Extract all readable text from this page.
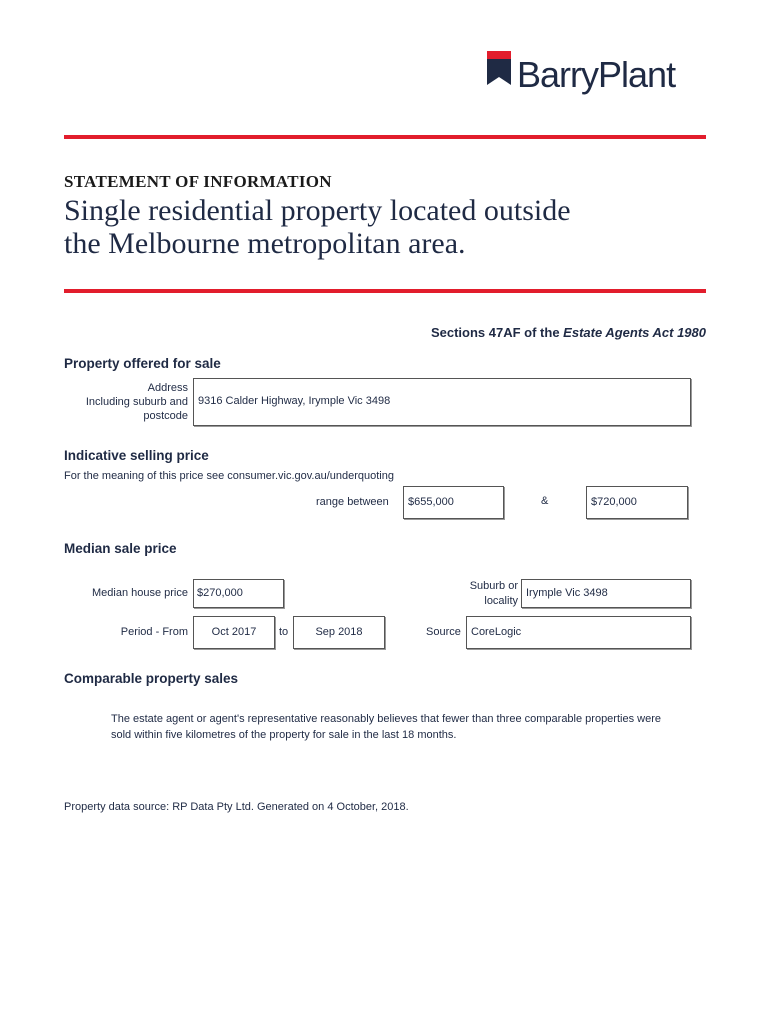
BarryPlant
STATEMENT OF INFORMATION
Single residential property located outside
the Melbourne metropolitan area.
Sections 47AF of the Estate Agents Act 1980
Property offered for sale
Address
Including suburb and
postcode
9316 Calder Highway, Irymple Vic 3498
Indicative selling price
For the meaning of this price see consumer.vic.gov.au/underquoting
range between	$655,000	&	$720,000
Median sale price
Median house price $270,000
Suburb or
locality
Irymple Vic 3498
Period - From	Oct 2017	to	Sep 2018	Source CoreLogic
Comparable property sales
The estate agent or agent's representative reasonably believes that fewer than three comparable properties were
sold within five kilometres of the property for sale in the last 18 months.
Property data source: RP Data Pty Ltd. Generated on 4 October, 2018.
